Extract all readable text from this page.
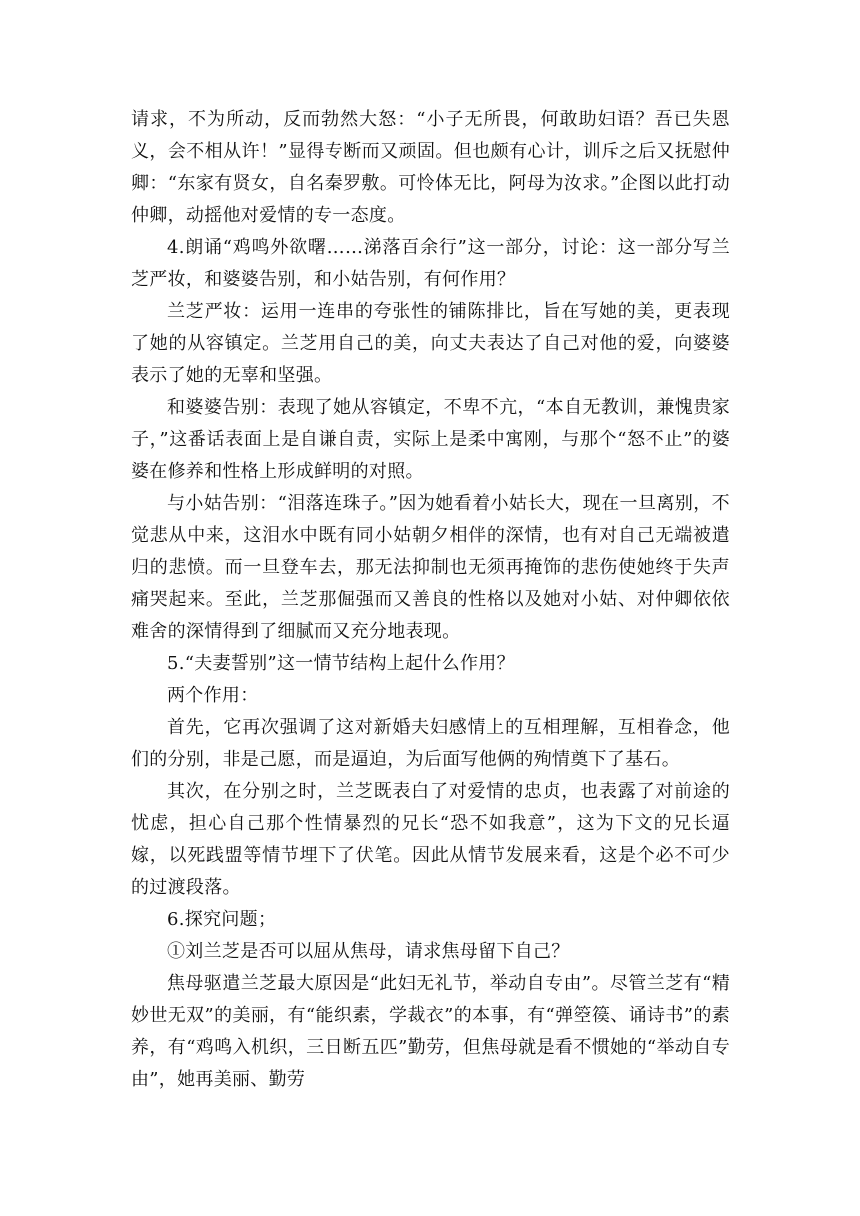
请求，不为所动，反而勃然大怒：“小子无所畏，何敢助妇语？吾已失恩义，会不相从许！”显得专断而又顽固。但也颇有心计，训斥之后又抚慰仲卿：“东家有贤女，自名秦罗敷。可怜体无比，阿母为汝求。”企图以此打动仲卿，动摇他对爱情的专一态度。

4.朗诵“鸡鸣外欲曙……涕落百余行”这一部分，讨论：这一部分写兰芝严妆，和婆婆告别，和小姑告别，有何作用？

兰芝严妆：运用一连串的夸张性的铺陈排比，旨在写她的美，更表现了她的从容镇定。兰芝用自己的美，向丈夫表达了自己对他的爱，向婆婆表示了她的无辜和坚强。

和婆婆告别：表现了她从容镇定，不卑不亢，“本自无教训，兼愧贵家子，”这番话表面上是自谦自责，实际上是柔中寓刚，与那个“怒不止”的婆婆在修养和性格上形成鲜明的对照。

与小姑告别：“泪落连珠子。”因为她看着小姑长大，现在一旦离别，不觉悲从中来，这泪水中既有同小姑朝夕相伴的深情，也有对自己无端被遣归的悲愤。而一旦登车去，那无法抑制也无须再掩饰的悲伤使她终于失声痛哭起来。至此，兰芝那倔强而又善良的性格以及她对小姑、对仲卿依依难舍的深情得到了细腻而又充分地表现。

5.“夫妻誓别”这一情节结构上起什么作用？

两个作用：

首先，它再次强调了这对新婚夫妇感情上的互相理解，互相眷念，他们的分别，非是己愿，而是逼迫，为后面写他俩的殉情奠下了基石。

其次，在分别之时，兰芝既表白了对爱情的忠贞，也表露了对前途的忧虑，担心自己那个性情暴烈的兄长“恐不如我意”，这为下文的兄长逼嫁，以死践盟等情节埋下了伏笔。因此从情节发展来看，这是个必不可少的过渡段落。

6.探究问题；

①刘兰芝是否可以屈从焦母，请求焦母留下自己？

焦母驱遣兰芝最大原因是“此妇无礼节，举动自专由”。尽管兰芝有“精妙世无双”的美丽，有“能织素，学裁衣”的本事，有“弹箜篌、诵诗书”的素养，有“鸡鸣入机织，三日断五匹”勤劳，但焦母就是看不惯她的“举动自专由”，她再美丽、勤劳
